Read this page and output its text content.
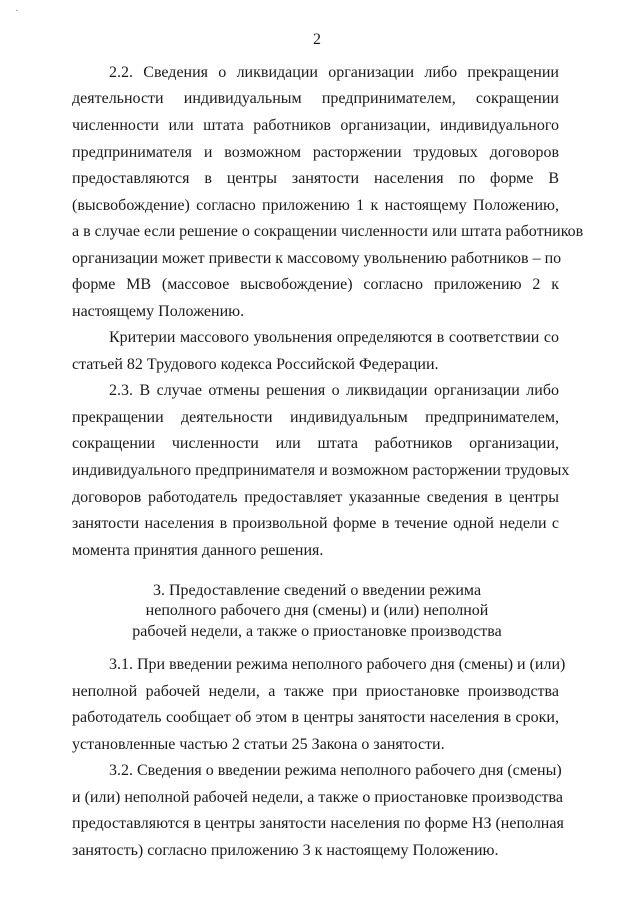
·
2
2.2. Сведения о ликвидации организации либо прекращении
деятельности индивидуальным предпринимателем, сокращении
численности или штата работников организации, индивидуального
предпринимателя и возможном расторжении трудовых договоров
предоставляются в центры занятости населения по форме В
(высвобождение) согласно приложению 1 к настоящему Положению,
а в случае если решение о сокращении численности или штата работников
организации может привести к массовому увольнению работников – по
форме МВ (массовое высвобождение) согласно приложению 2 к
настоящему Положению.
Критерии массового увольнения определяются в соответствии со
статьей 82 Трудового кодекса Российской Федерации.
2.3. В случае отмены решения о ликвидации организации либо
прекращении деятельности индивидуальным предпринимателем,
сокращении численности или штата работников организации,
индивидуального предпринимателя и возможном расторжении трудовых
договоров работодатель предоставляет указанные сведения в центры
занятости населения в произвольной форме в течение одной недели с
момента принятия данного решения.
3. Предоставление сведений о введении режима
неполного рабочего дня (смены) и (или) неполной
рабочей недели, а также о приостановке производства
3.1. При введении режима неполного рабочего дня (смены) и (или)
неполной рабочей недели, а также при приостановке производства
работодатель сообщает об этом в центры занятости населения в сроки,
установленные частью 2 статьи 25 Закона о занятости.
3.2. Сведения о введении режима неполного рабочего дня (смены)
и (или) неполной рабочей недели, а также о приостановке производства
предоставляются в центры занятости населения по форме НЗ (неполная
занятость) согласно приложению 3 к настоящему Положению.
